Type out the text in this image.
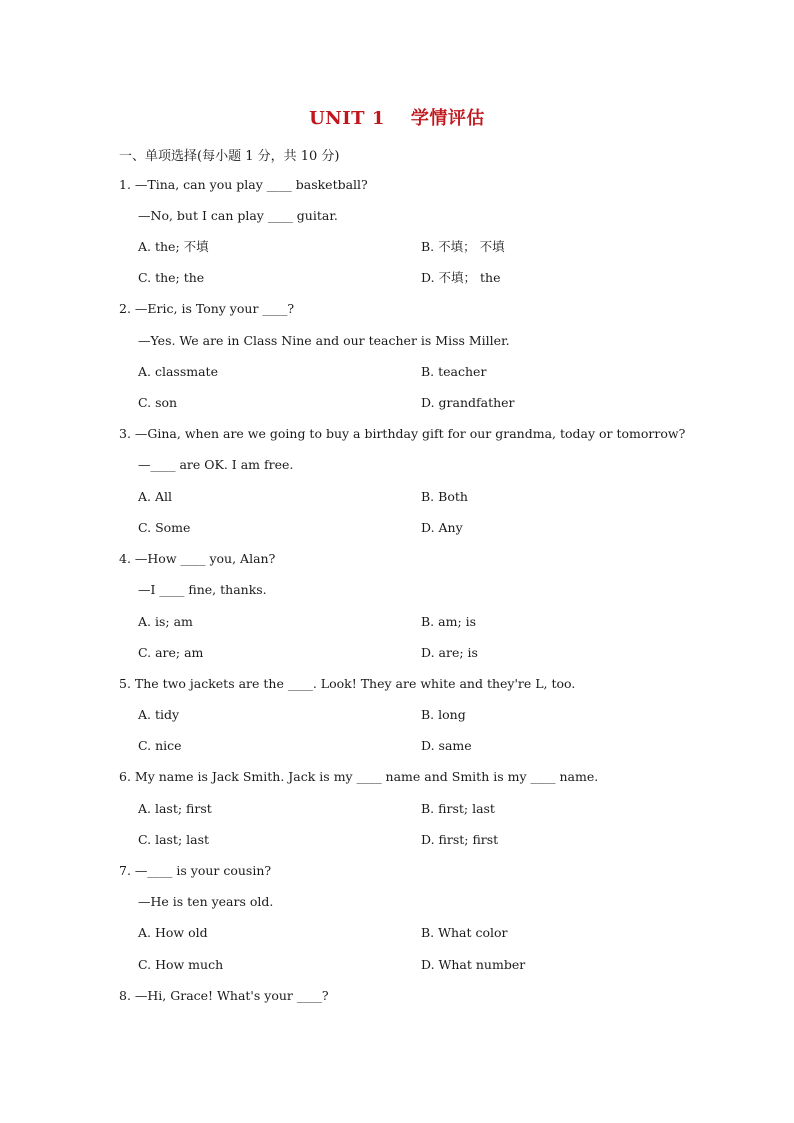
UNIT 1 学情评估
一、单项选择(每小题 1 分，共 10 分)
1. —Tina, can you play ____ basketball?
—No, but I can play ____ guitar.
A. the; 不填	B. 不填； 不填
C. the; the	D. 不填； the
2. —Eric, is Tony your ____?
—Yes. We are in Class Nine and our teacher is Miss Miller.
A. classmate	B. teacher
C. son	D. grandfather
3. —Gina, when are we going to buy a birthday gift for our grandma, today or tomorrow?
—____ are OK. I am free.
A. All	B. Both
C. Some	D. Any
4. —How ____ you, Alan?
—I ____ fine, thanks.
A. is; am	B. am; is
C. are; am	D. are; is
5. The two jackets are the ____. Look! They are white and they're L, too.
A. tidy	B. long
C. nice	D. same
6. My name is Jack Smith. Jack is my ____ name and Smith is my ____ name.
A. last; first	B. first; last
C. last; last	D. first; first
7. —____ is your cousin?
—He is ten years old.
A. How old	B. What color
C. How much	D. What number
8. —Hi, Grace! What's your ____?
